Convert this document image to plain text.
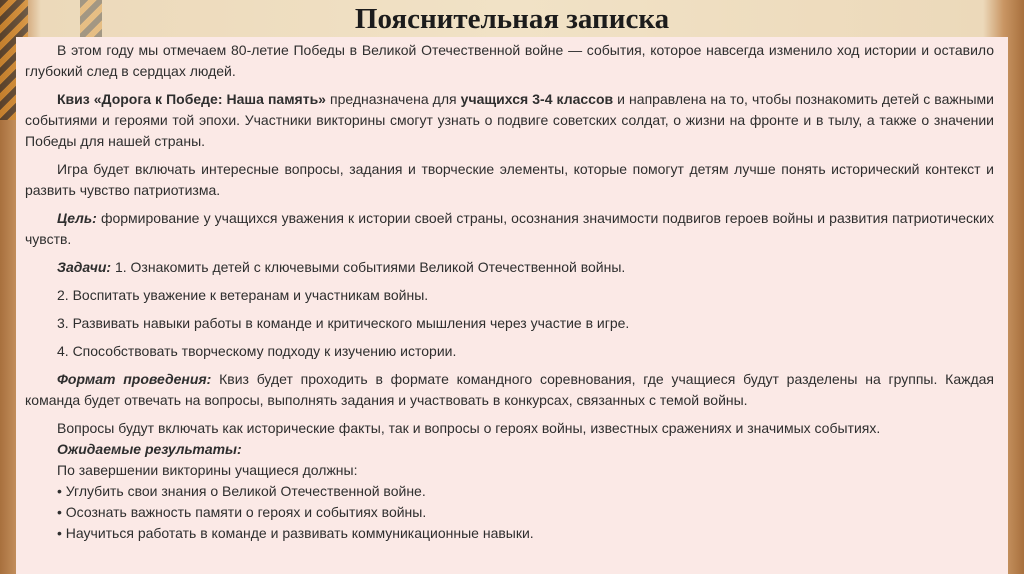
Пояснительная записка

В этом году мы отмечаем 80-летие Победы в Великой Отечественной войне — события, которое навсегда изменило ход истории и оставило глубокий след в сердцах людей.

Квиз «Дорога к Победе: Наша память» предназначена для учащихся 3-4 классов и направлена на то, чтобы познакомить детей с важными событиями и героями той эпохи. Участники викторины смогут узнать о подвиге советских солдат, о жизни на фронте и в тылу, а также о значении Победы для нашей страны.

Игра будет включать интересные вопросы, задания и творческие элементы, которые помогут детям лучше понять исторический контекст и развить чувство патриотизма.

Цель: формирование у учащихся уважения к истории своей страны, осознания значимости подвигов героев войны и развития патриотических чувств.

Задачи: 1. Ознакомить детей с ключевыми событиями Великой Отечественной войны.

2. Воспитать уважение к ветеранам и участникам войны.

3. Развивать навыки работы в команде и критического мышления через участие в игре.

4. Способствовать творческому подходу к изучению истории.

Формат проведения: Квиз будет проходить в формате командного соревнования, где учащиеся будут разделены на группы. Каждая команда будет отвечать на вопросы, выполнять задания и участвовать в конкурсах, связанных с темой войны.

Вопросы будут включать как исторические факты, так и вопросы о героях войны, известных сражениях и значимых событиях.

Ожидаемые результаты:

По завершении викторины учащиеся должны:

• Углубить свои знания о Великой Отечественной войне.

• Осознать важность памяти о героях и событиях войны.

• Научиться работать в команде и развивать коммуникационные навыки.
